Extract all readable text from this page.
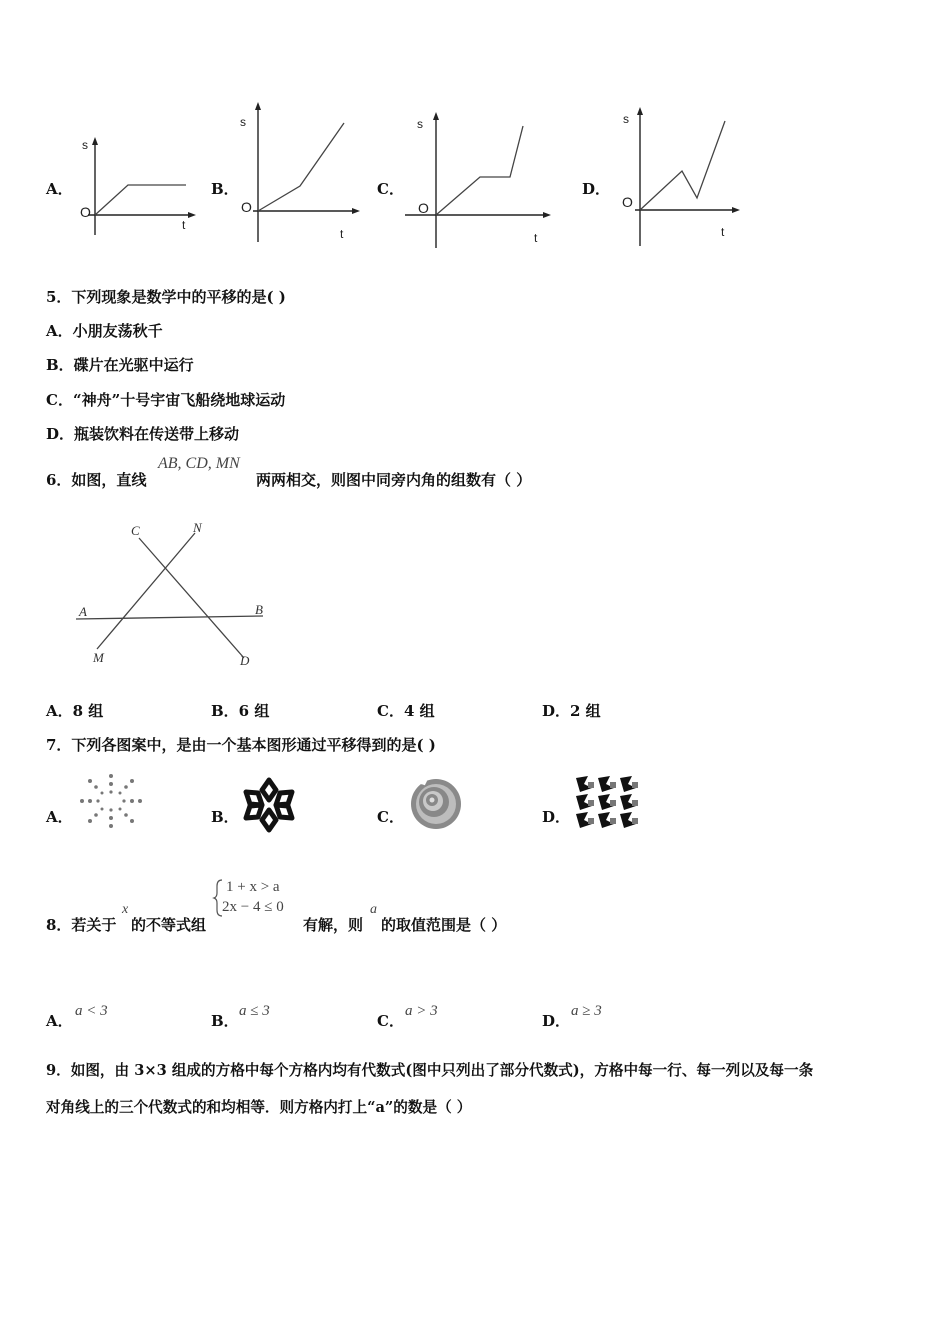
A．
s
t
O
B．
s
t
O
C．
s
t
O
D．
s
t
O
5．下列现象是数学中的平移的是( )
A．小朋友荡秋千
B．碟片在光驱中运行
C．“神舟”十号宇宙飞船绕地球运动
D．瓶装饮料在传送带上移动
6．如图，直线
AB, CD, MN
两两相交，则图中同旁内角的组数有（ ）
C	N
A	B
M	D
A．8 组	B．6 组	C．4 组	D．2 组
7．下列各图案中，是由一个基本图形通过平移得到的是( )
A．	B．	C．	D．
8．若关于
x
的不等式组
1 + x > a
2x − 4 ≤ 0
有解，则
a
的取值范围是（ ）
A．
a < 3
B．
a ≤ 3
C．
a > 3
D．
a ≥ 3
9．如图，由 3×3 组成的方格中每个方格内均有代数式(图中只列出了部分代数式)，方格中每一行、每一列以及每一条
对角线上的三个代数式的和均相等．则方格内打上“a”的数是（ ）
